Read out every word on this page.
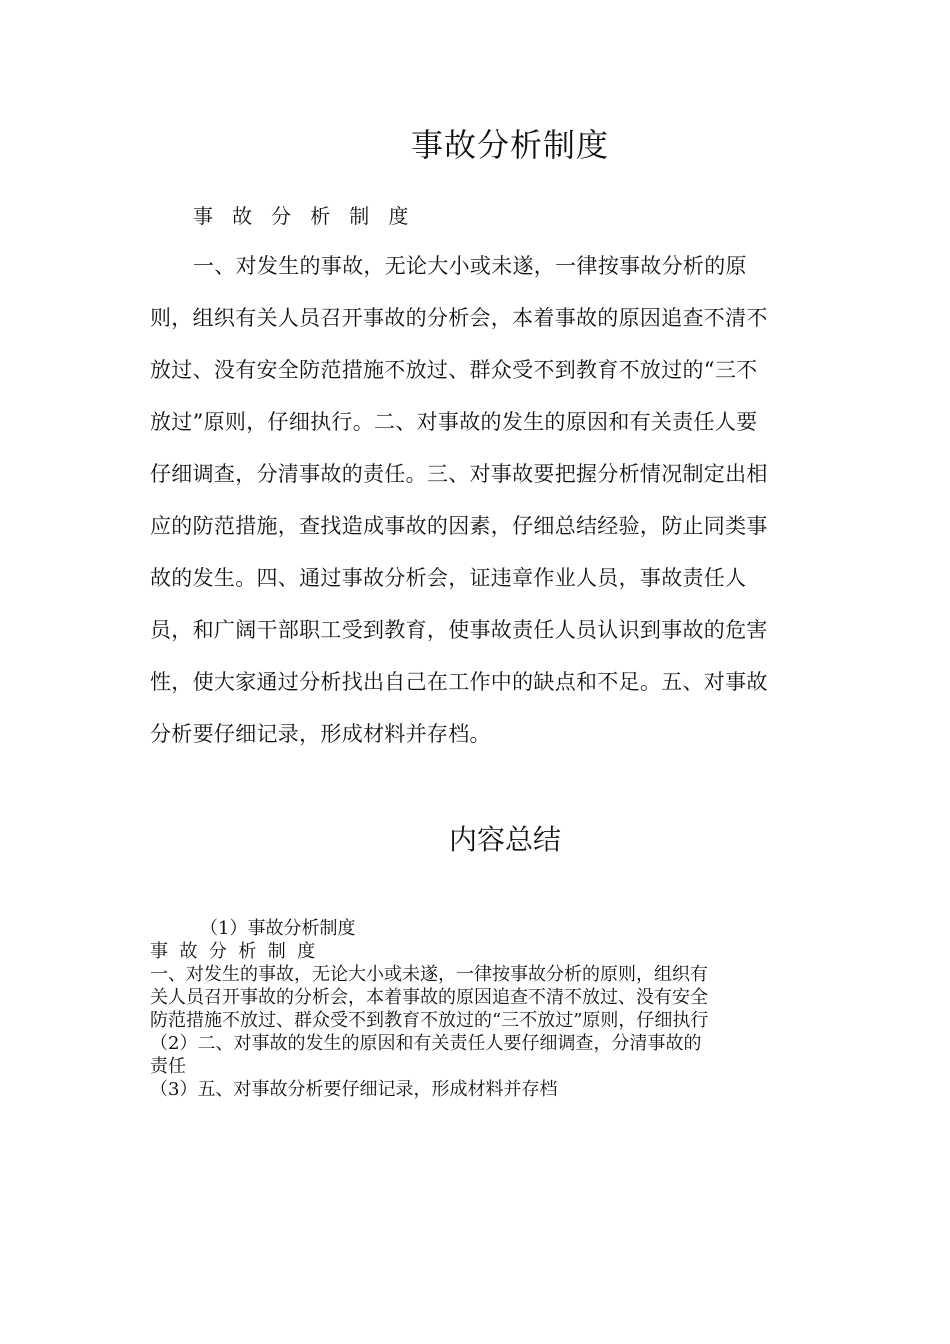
事故分析制度
事   故   分   析   制   度
一、对发生的事故，无论大小或未遂，一律按事故分析的原
则，组织有关人员召开事故的分析会，本着事故的原因追查不清不
放过、没有安全防范措施不放过、群众受不到教育不放过的“三不
放过”原则，仔细执行。二、对事故的发生的原因和有关责任人要
仔细调查，分清事故的责任。三、对事故要把握分析情况制定出相
应的防范措施，查找造成事故的因素，仔细总结经验，防止同类事
故的发生。四、通过事故分析会，证违章作业人员，事故责任人
员，和广阔干部职工受到教育，使事故责任人员认识到事故的危害
性，使大家通过分析找出自己在工作中的缺点和不足。五、对事故
分析要仔细记录，形成材料并存档。
内容总结
（1）事故分析制度
事  故  分  析  制  度
一、对发生的事故，无论大小或未遂，一律按事故分析的原则，组织有
关人员召开事故的分析会，本着事故的原因追查不清不放过、没有安全
防范措施不放过、群众受不到教育不放过的“三不放过”原则，仔细执行
（2）二、对事故的发生的原因和有关责任人要仔细调查，分清事故的
责任
（3）五、对事故分析要仔细记录，形成材料并存档
